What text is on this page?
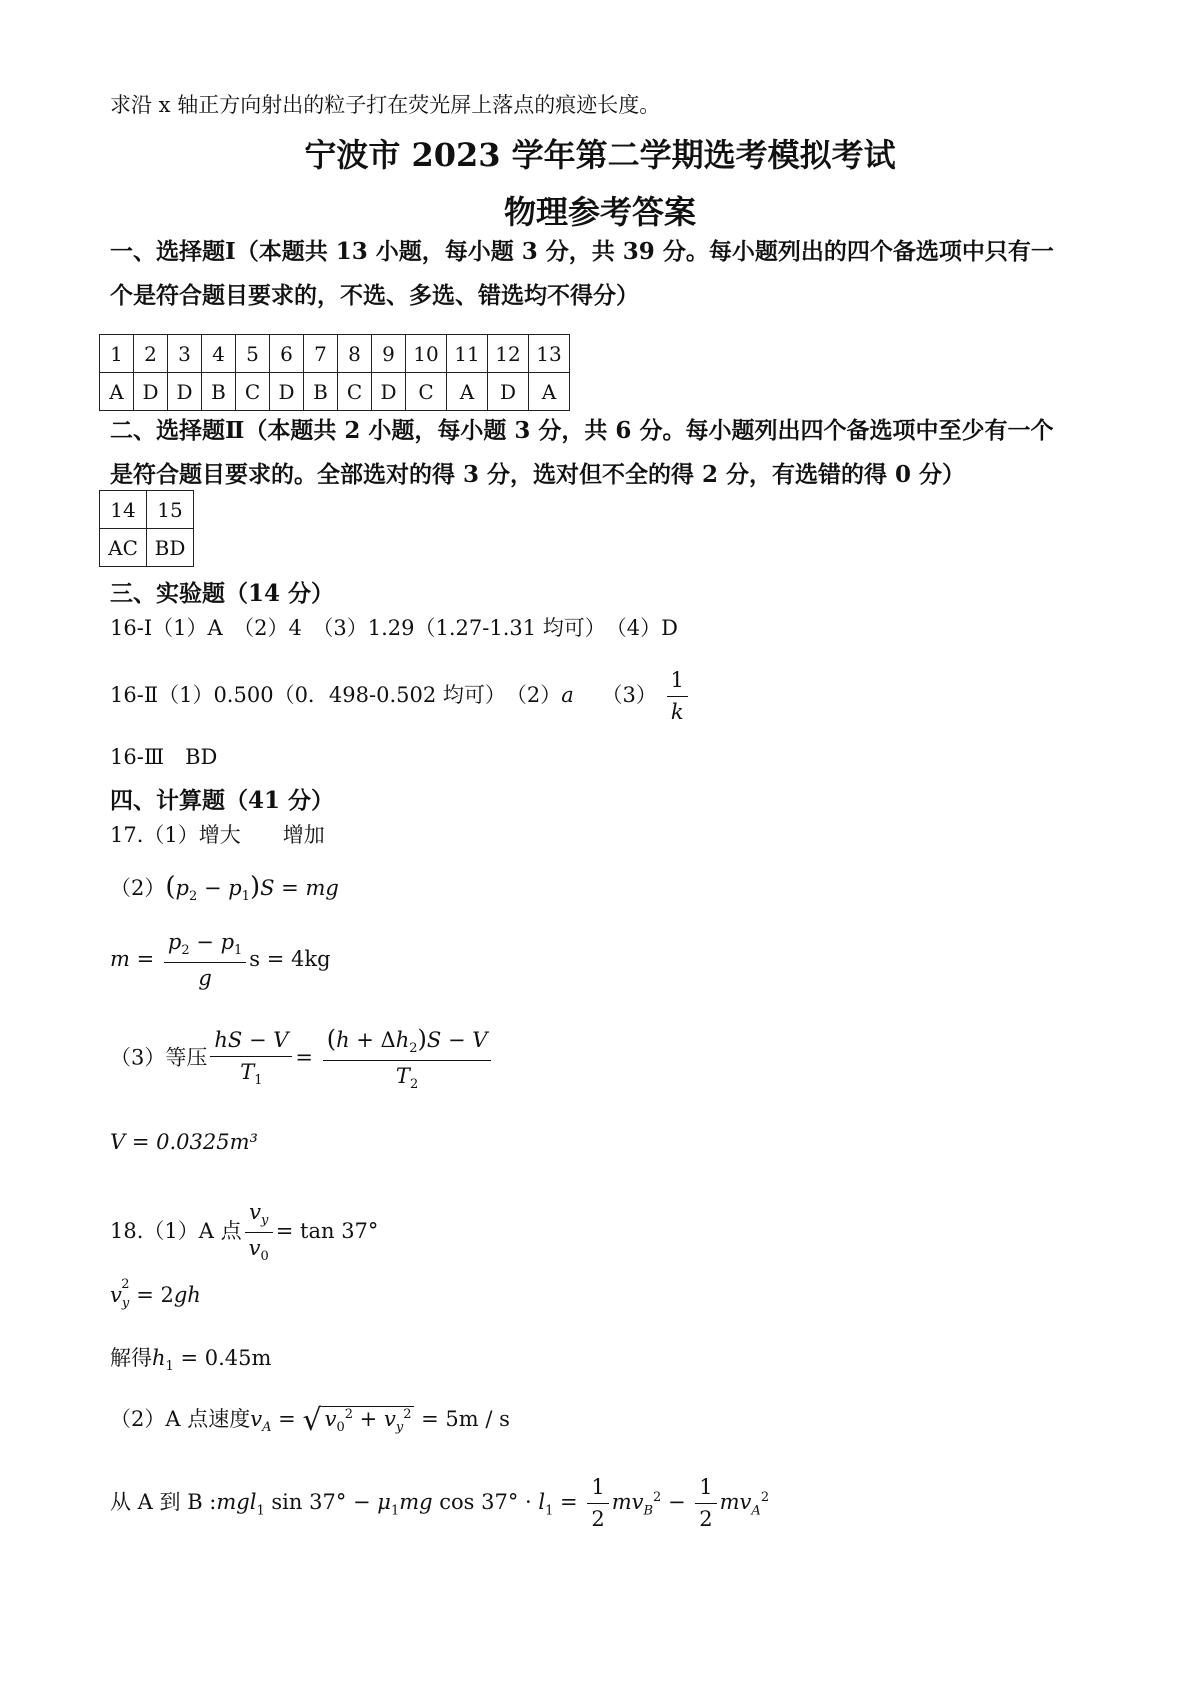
求沿 x 轴正方向射出的粒子打在荧光屏上落点的痕迹长度。
宁波市 2023 学年第二学期选考模拟考试
物理参考答案
一、选择题Ⅰ（本题共 13 小题，每小题 3 分，共 39 分。每小题列出的四个备选项中只有一
个是符合题目要求的，不选、多选、错选均不得分）
1	2	3	4	5	6	7	8	9	10	11	12	13
A	D	D	B	C	D	B	C	D	C	A	D	A
二、选择题Ⅱ（本题共 2 小题，每小题 3 分，共 6 分。每小题列出四个备选项中至少有一个
是符合题目要求的。全部选对的得 3 分，选对但不全的得 2 分，有选错的得 0 分）
14	15
AC	BD
三、实验题（14 分）
16-Ⅰ（1）A　（2）4　（3）1.29（1.27-1.31 均可）　（4）D
16-Ⅱ（1）0.500（0．498-0.502 均可）　（2）a　 $(3) \frac{1}{k}$
16-Ⅲ　BD
四、计算题（41 分）
17.（1）增大　　增加
$(2)(p_2 - p_1)S$ = mg
$m = \frac{p_2 - p_1}{g}$ s = 4kg
（3）等压 $\frac{hS - V}{T_1} = \frac{(h + \Delta h_2)S - V}{T_2}$
V = 0.0325m³
18.（1）A 点 $\frac{v_y}{v_0} = \tan 37^\circ$
$v_y^2 = 2gh$
解得$h_1 = 0.45m$
（2）A 点速度$v_A$ = √ $v_0^2 + v_y^2 = 5m / s$
从 A 到 B :mgl$_1$ $\sin 37^\circ - \mu_1mg$ $\cos 37^\circ \cdot l_1 = \frac{1}{2} mv_B^2 - \frac{1}{2} mv_A^2$
